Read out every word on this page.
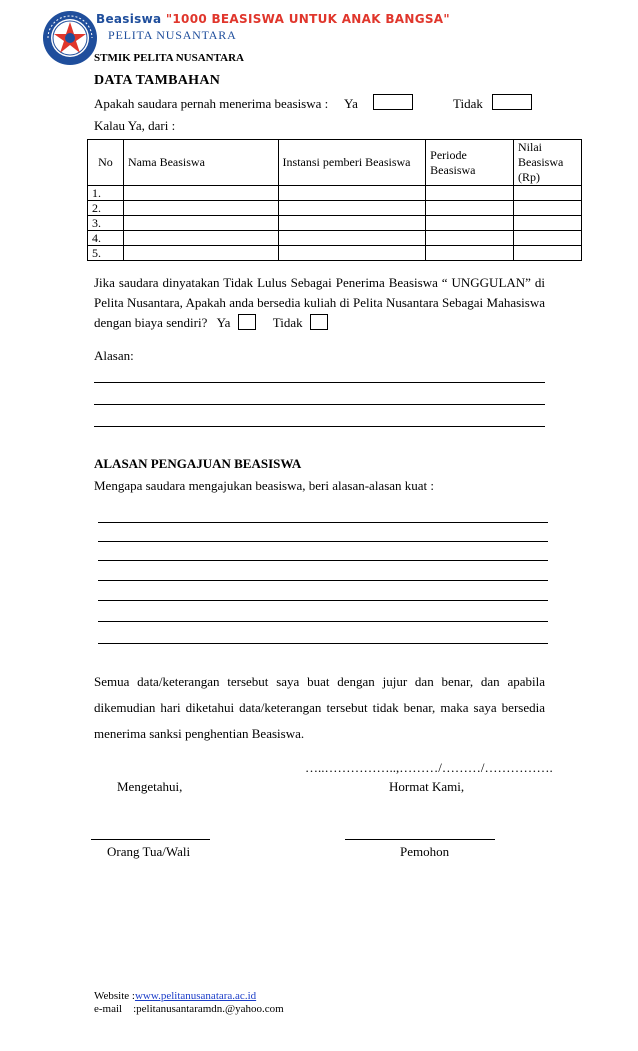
Beasiswa "1000 BEASISWA UNTUK ANAK BANGSA"
PELITA NUSANTARA
STMIK PELITA NUSANTARA
DATA TAMBAHAN
Apakah saudara pernah menerima beasiswa : Ya	Tidak
Kalau Ya, dari :
No	Nama Beasiswa	Instansi pemberi Beasiswa	Periode Beasiswa	Nilai Beasiswa (Rp)
1.				
2.				
3.				
4.				
5.				
Jika saudara dinyatakan Tidak Lulus Sebagai Penerima Beasiswa “ UNGGULAN” di Pelita Nusantara, Apakah anda bersedia kuliah di Pelita Nusantara Sebagai Mahasiswa dengan biaya sendiri? Ya	Tidak
Alasan:
ALASAN PENGAJUAN BEASISWA
Mengapa saudara mengajukan beasiswa, beri alasan-alasan kuat :
Semua data/keterangan tersebut saya buat dengan jujur dan benar, dan apabila dikemudian hari diketahui data/keterangan tersebut tidak benar, maka saya bersedia menerima sanksi penghentian Beasiswa.
…..……………..,………/………/…………….
Mengetahui,	Hormat Kami,
Orang Tua/Wali	Pemohon
Website :www.pelitanusanatara.ac.id
e-mail    :pelitanusantaramdn.@yahoo.com
